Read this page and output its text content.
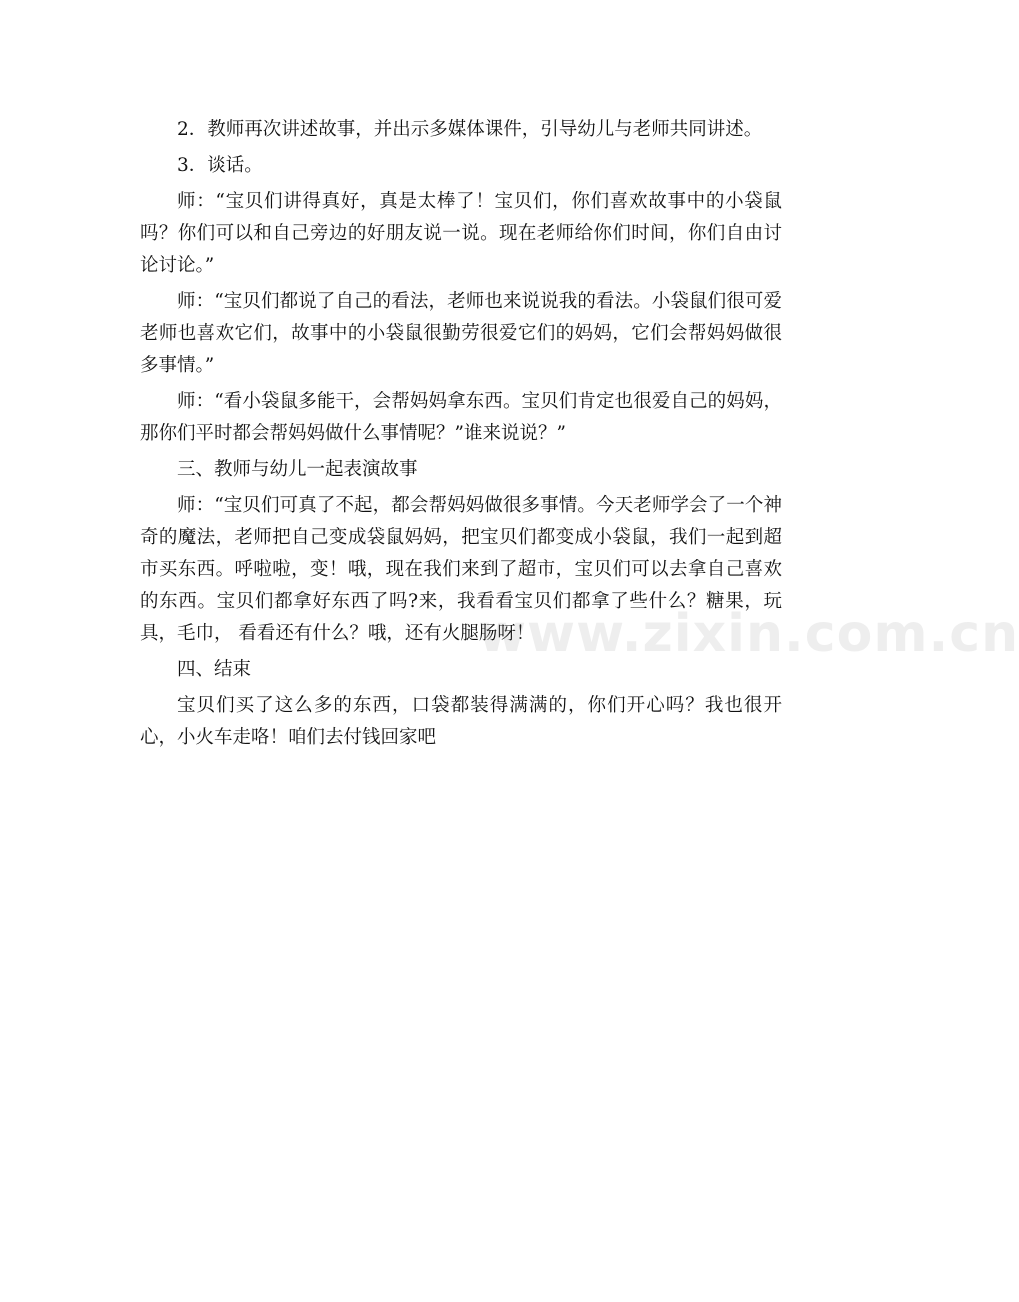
2．教师再次讲述故事，并出示多媒体课件，引导幼儿与老师共同讲述。

3．谈话。

师：“宝贝们讲得真好，真是太棒了！宝贝们，你们喜欢故事中的小袋鼠吗？你们可以和自己旁边的好朋友说一说。现在老师给你们时间，你们自由讨论讨论。”

师：“宝贝们都说了自己的看法，老师也来说说我的看法。小袋鼠们很可爱老师也喜欢它们，故事中的小袋鼠很勤劳很爱它们的妈妈，它们会帮妈妈做很多事情。”

师：“看小袋鼠多能干，会帮妈妈拿东西。宝贝们肯定也很爱自己的妈妈，那你们平时都会帮妈妈做什么事情呢？”谁来说说？”

三、教师与幼儿一起表演故事

师：“宝贝们可真了不起，都会帮妈妈做很多事情。今天老师学会了一个神奇的魔法，老师把自己变成袋鼠妈妈，把宝贝们都变成小袋鼠，我们一起到超市买东西。呼啦啦，变！哦，现在我们来到了超市，宝贝们可以去拿自己喜欢的东西。宝贝们都拿好东西了吗?来，我看看宝贝们都拿了些什么？糖果，玩具，毛巾， 看看还有什么？哦，还有火腿肠呀！

四、结束

宝贝们买了这么多的东西，口袋都装得满满的，你们开心吗？我也很开心，小火车走咯！咱们去付钱回家吧

www.zixin.com.cn
